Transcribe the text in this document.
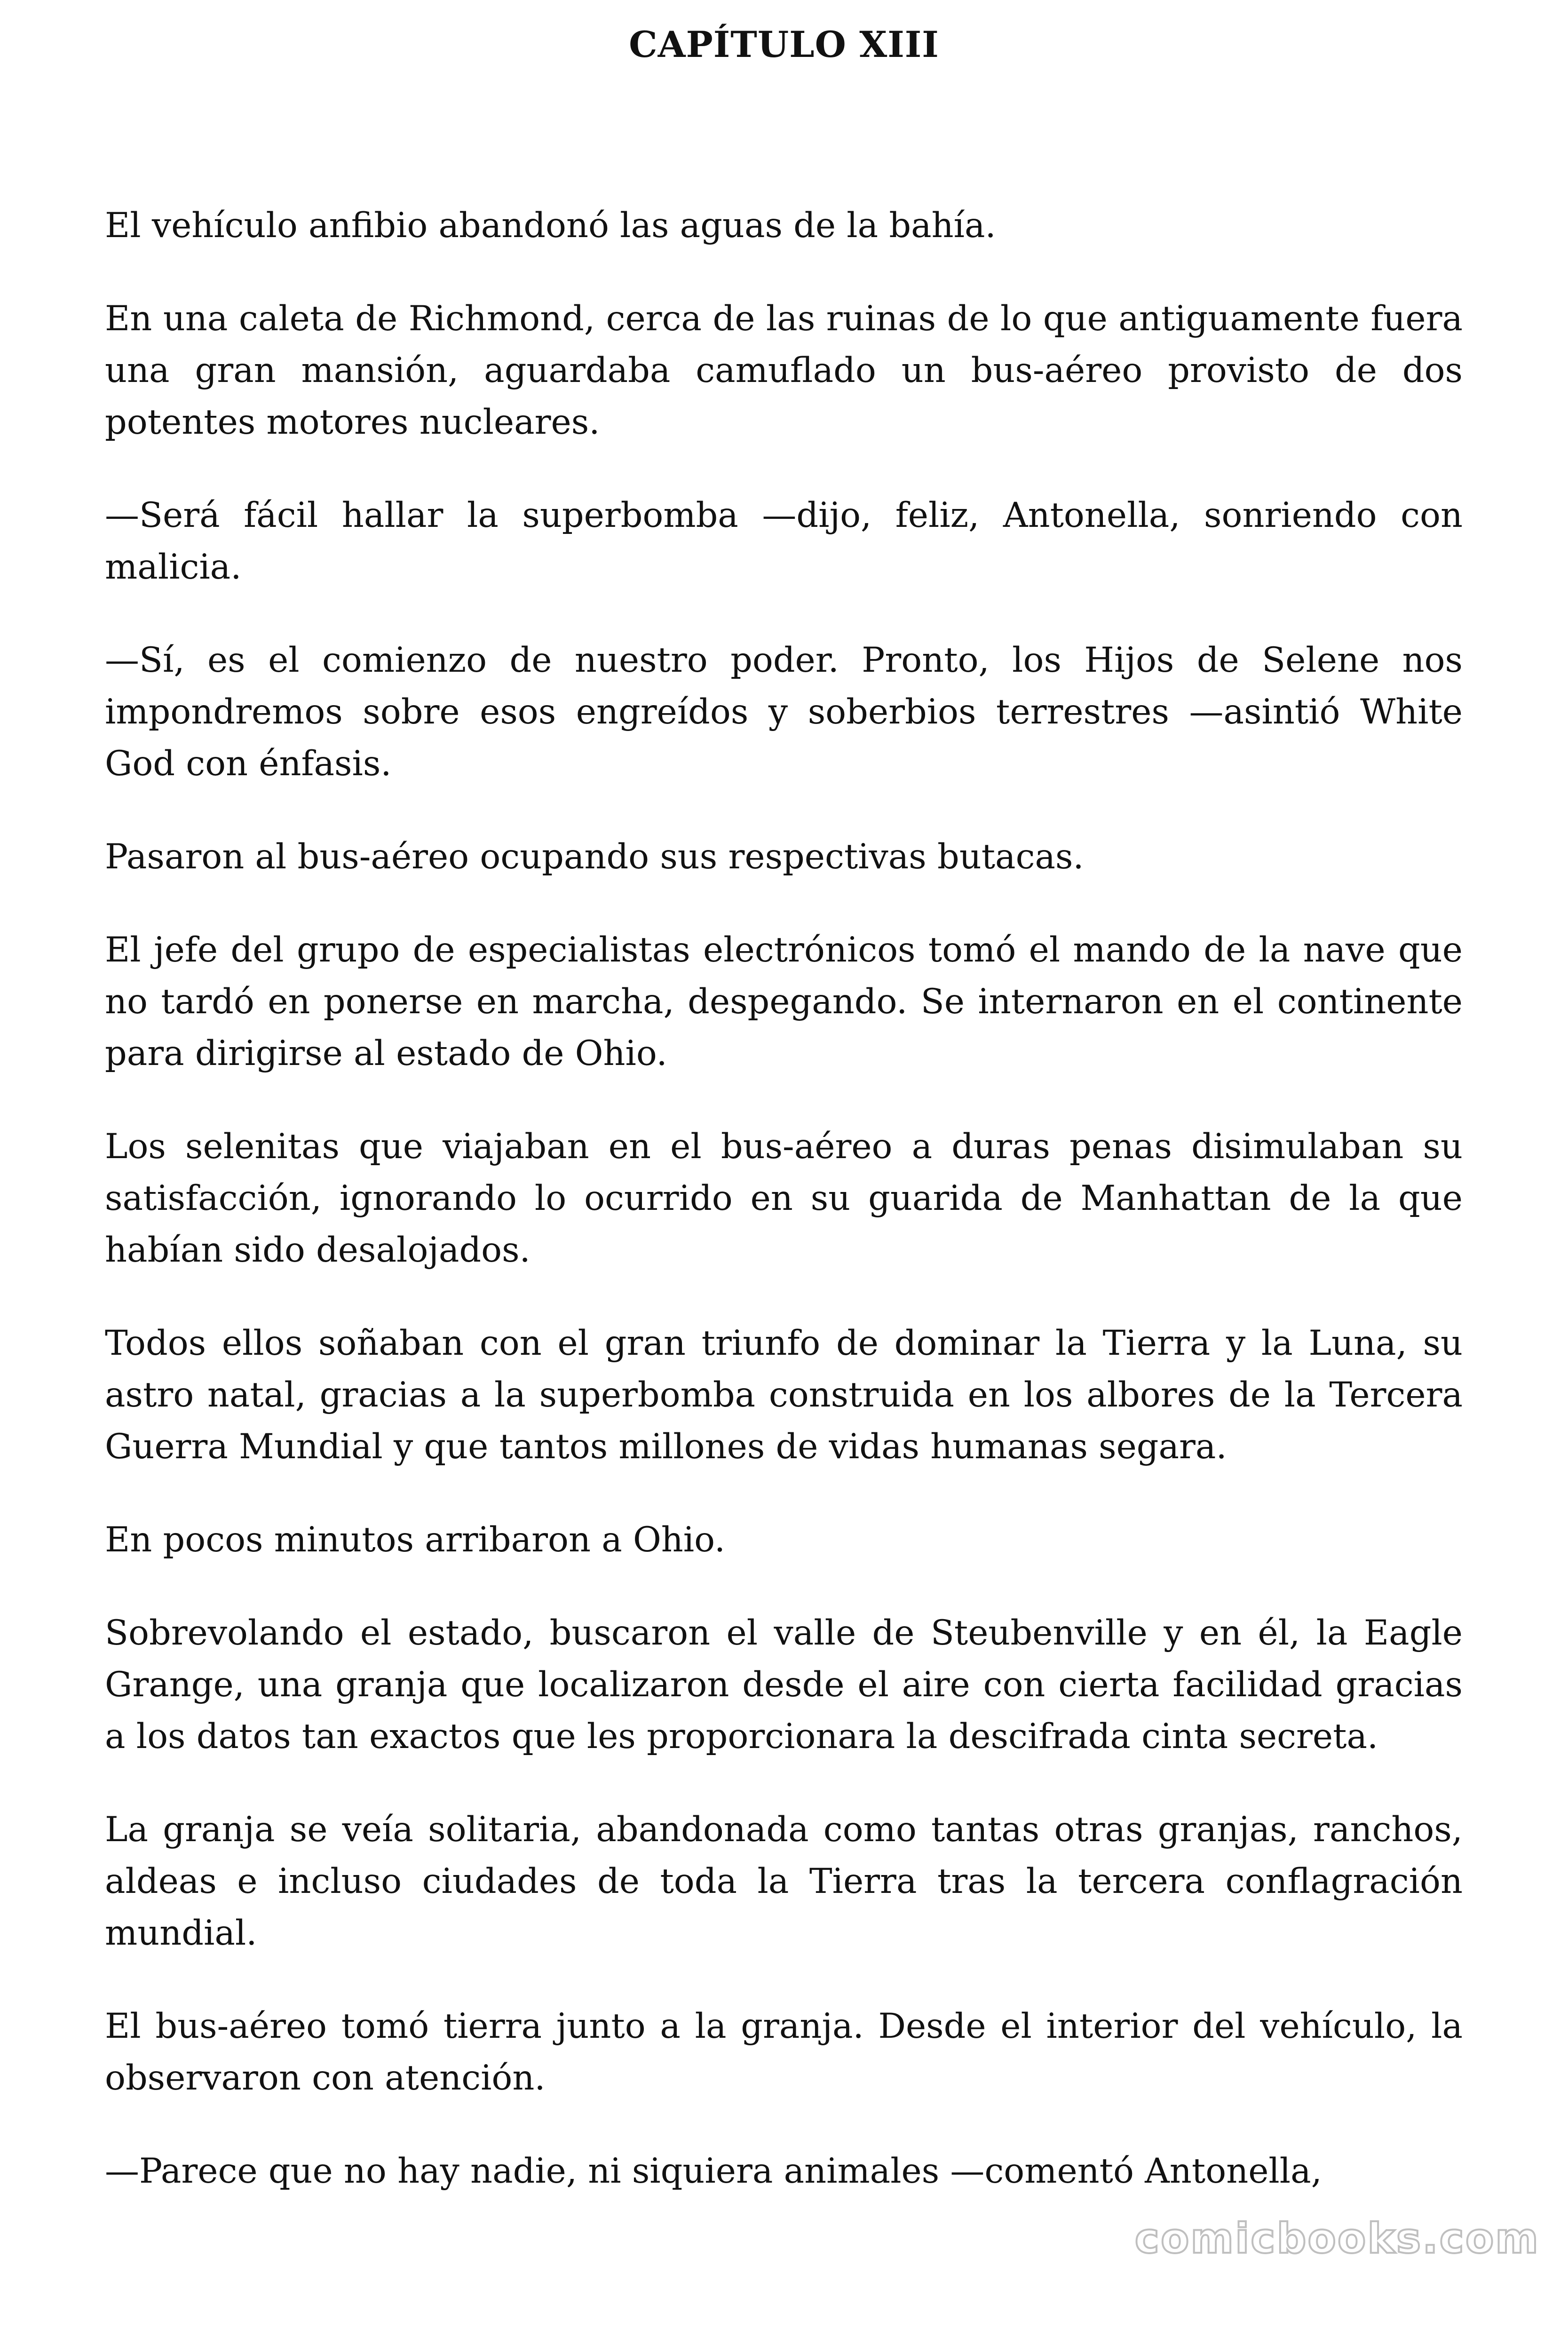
CAPÍTULO XIII

El vehículo anfibio abandonó las aguas de la bahía.

En una caleta de Richmond, cerca de las ruinas de lo que antiguamente fuera una gran mansión, aguardaba camuflado un bus-aéreo provisto de dos potentes motores nucleares.

—Será fácil hallar la superbomba —dijo, feliz, Antonella, sonriendo con malicia.

—Sí, es el comienzo de nuestro poder. Pronto, los Hijos de Selene nos impondremos sobre esos engreídos y soberbios terrestres —asintió White God con énfasis.

Pasaron al bus-aéreo ocupando sus respectivas butacas.

El jefe del grupo de especialistas electrónicos tomó el mando de la nave que no tardó en ponerse en marcha, despegando. Se internaron en el continente para dirigirse al estado de Ohio.

Los selenitas que viajaban en el bus-aéreo a duras penas disimulaban su satisfacción, ignorando lo ocurrido en su guarida de Manhattan de la que habían sido desalojados.

Todos ellos soñaban con el gran triunfo de dominar la Tierra y la Luna, su astro natal, gracias a la superbomba construida en los albores de la Tercera Guerra Mundial y que tantos millones de vidas humanas segara.

En pocos minutos arribaron a Ohio.

Sobrevolando el estado, buscaron el valle de Steubenville y en él, la Eagle Grange, una granja que localizaron desde el aire con cierta facilidad gracias a los datos tan exactos que les proporcionara la descifrada cinta secreta.

La granja se veía solitaria, abandonada como tantas otras granjas, ranchos, aldeas e incluso ciudades de toda la Tierra tras la tercera conflagración mundial.

El bus-aéreo tomó tierra junto a la granja. Desde el interior del vehículo, la observaron con atención.

—Parece que no hay nadie, ni siquiera animales —comentó Antonella,

comicbooks.com
